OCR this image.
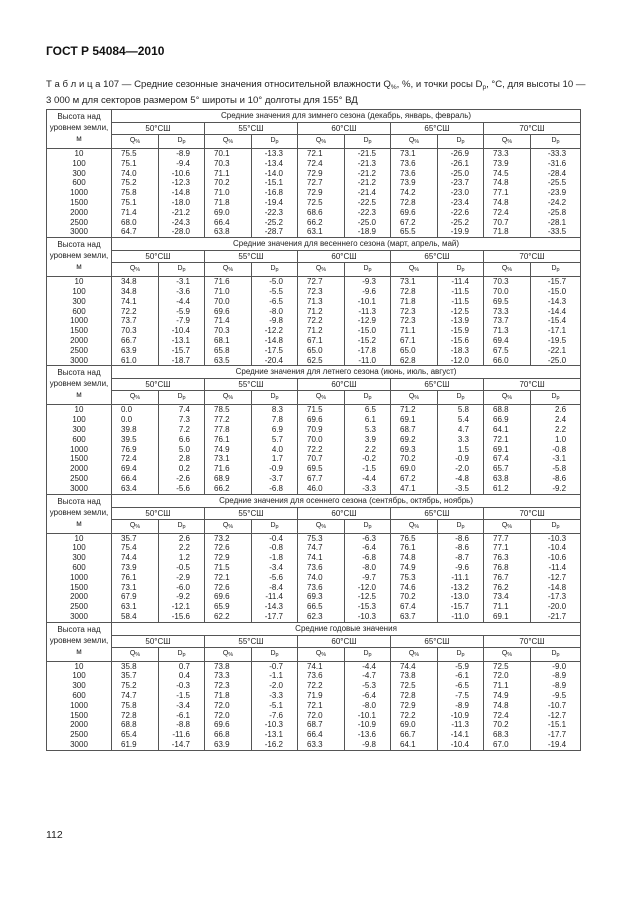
ГОСТ Р 54084—2010
Т а б л и ц а 107 — Средние сезонные значения относительной влажности $Q_{\%}$, %, и точки росы $D_р$, °С, для высоты 10 — 3 000 м для секторов размером 5° широты и 10° долготы для 155° ВД
Высота над уровнем земли, м	Средние значения для зимнего сезона (декабрь, январь, февраль)									
	50°СШ		55°СШ		60°СШ		65°СШ		70°СШ	
	$Q_{\%}$	$D_р$	$Q_{\%}$	$D_р$	$Q_{\%}$	$D_р$	$Q_{\%}$	$D_р$	$Q_{\%}$	$D_р$
10	75.5	-8.9	70.1	-13.3	72.1	-21.5	73.1	-26.9	73.3	-33.3
100	75.1	-9.4	70.3	-13.4	72.4	-21.3	73.6	-26.1	73.9	-31.6
300	74.0	-10.6	71.1	-14.0	72.9	-21.2	73.6	-25.0	74.5	-28.4
600	75.2	-12.3	70.2	-15.1	72.7	-21.2	73.9	-23.7	74.8	-25.5
1000	75.8	-14.8	71.0	-16.8	72.9	-21.4	74.2	-23.0	77.1	-23.9
1500	75.1	-18.0	71.8	-19.4	72.5	-22.5	72.8	-23.4	74.8	-24.2
2000	71.4	-21.2	69.0	-22.3	68.6	-22.3	69.6	-22.6	72.4	-25.8
2500	68.0	-24.3	66.4	-25.2	66.2	-25.0	67.2	-25.2	70.7	-28.1
3000	64.7	-28.0	63.8	-28.7	63.1	-18.9	65.5	-19.9	71.8	-33.5
Высота над уровнем земли, м	Средние значения для весеннего сезона (март, апрель, май)									
	50°СШ		55°СШ		60°СШ		65°СШ		70°СШ	
	$Q_{\%}$	$D_р$	$Q_{\%}$	$D_р$	$Q_{\%}$	$D_р$	$Q_{\%}$	$D_р$	$Q_{\%}$	$D_р$
10	34.8	-3.1	71.6	-5.0	72.7	-9.3	73.1	-11.4	70.3	-15.7
100	34.8	-3.6	71.0	-5.5	72.3	-9.6	72.8	-11.5	70.0	-15.0
300	74.1	-4.4	70.0	-6.5	71.3	-10.1	71.8	-11.5	69.5	-14.3
600	72.2	-5.9	69.6	-8.0	71.2	-11.3	72.3	-12.5	73.3	-14.4
1000	73.7	-7.9	71.4	-9.8	72.2	-12.9	72.3	-13.9	73.7	-15.4
1500	70.3	-10.4	70.3	-12.2	71.2	-15.0	71.1	-15.9	71.3	-17.1
2000	66.7	-13.1	68.1	-14.8	67.1	-15.2	67.1	-15.6	69.4	-19.5
2500	63.9	-15.7	65.8	-17.5	65.0	-17.8	65.0	-18.3	67.5	-22.1
3000	61.0	-18.7	63.5	-20.4	62.5	-11.0	62.8	-12.0	66.0	-25.0
Высота над уровнем земли, м	Средние значения для летнего сезона (июнь, июль, август)									
	50°СШ		55°СШ		60°СШ		65°СШ		70°СШ	
	$Q_{\%}$	$D_р$	$Q_{\%}$	$D_р$	$Q_{\%}$	$D_р$	$Q_{\%}$	$D_р$	$Q_{\%}$	$D_р$
10	0.0	7.4	78.5	8.3	71.5	6.5	71.2	5.8	68.8	2.6
100	0.0	7.3	77.2	7.8	69.6	6.1	69.1	5.4	66.9	2.4
300	39.8	7.2	77.8	6.9	70.9	5.3	68.7	4.7	64.1	2.2
600	39.5	6.6	76.1	5.7	70.0	3.9	69.2	3.3	72.1	1.0
1000	76.9	5.0	74.9	4.0	72.2	2.2	69.3	1.5	69.1	-0.8
1500	72.4	2.8	73.1	1.7	70.7	-0.2	70.2	-0.9	67.4	-3.1
2000	69.4	0.2	71.6	-0.9	69.5	-1.5	69.0	-2.0	65.7	-5.8
2500	66.4	-2.6	68.9	-3.7	67.7	-4.4	67.2	-4.8	63.8	-8.6
3000	63.4	-5.6	66.2	-6.8	46.0	-3.3	47.1	-3.5	61.2	-9.2
Высота над уровнем земли, м	Средние значения для осеннего сезона (сентябрь, октябрь, ноябрь)									
	50°СШ		55°СШ		60°СШ		65°СШ		70°СШ	
	$Q_{\%}$	$D_р$	$Q_{\%}$	$D_р$	$Q_{\%}$	$D_р$	$Q_{\%}$	$D_р$	$Q_{\%}$	$D_р$
10	35.7	2.6	73.2	-0.4	75.3	-6.3	76.5	-8.6	77.7	-10.3
100	75.4	2.2	72.6	-0.8	74.7	-6.4	76.1	-8.6	77.1	-10.4
300	74.4	1.2	72.9	-1.8	74.1	-6.8	74.8	-8.7	76.3	-10.6
600	73.9	-0.5	71.5	-3.4	73.6	-8.0	74.9	-9.6	76.8	-11.4
1000	76.1	-2.9	72.1	-5.6	74.0	-9.7	75.3	-11.1	76.7	-12.7
1500	73.1	-6.0	72.6	-8.4	73.6	-12.0	74.6	-13.2	76.2	-14.8
2000	67.9	-9.2	69.6	-11.4	69.3	-12.5	70.2	-13.0	73.4	-17.3
2500	63.1	-12.1	65.9	-14.3	66.5	-15.3	67.4	-15.7	71.1	-20.0
3000	58.4	-15.6	62.2	-17.7	62.3	-10.3	63.7	-11.0	69.1	-21.7
Высота над уровнем земли, м	Средние годовые значения									
	50°СШ		55°СШ		60°СШ		65°СШ		70°СШ	
	$Q_{\%}$	$D_р$	$Q_{\%}$	$D_р$	$Q_{\%}$	$D_р$	$Q_{\%}$	$D_р$	$Q_{\%}$	$D_р$
10	35.8	0.7	73.8	-0.7	74.1	-4.4	74.4	-5.9	72.5	-9.0
100	35.7	0.4	73.3	-1.1	73.6	-4.7	73.8	-6.1	72.0	-8.9
300	75.2	-0.3	72.3	-2.0	72.2	-5.3	72.5	-6.5	71.1	-8.9
600	74.7	-1.5	71.8	-3.3	71.9	-6.4	72.8	-7.5	74.9	-9.5
1000	75.8	-3.4	72.0	-5.1	72.1	-8.0	72.9	-8.9	74.8	-10.7
1500	72.8	-6.1	72.0	-7.6	72.0	-10.1	72.2	-10.9	72.4	-12.7
2000	68.8	-8.8	69.6	-10.3	68.7	-10.9	69.0	-11.3	70.2	-15.1
2500	65.4	-11.6	66.8	-13.1	66.4	-13.6	66.7	-14.1	68.3	-17.7
3000	61.9	-14.7	63.9	-16.2	63.3	-9.8	64.1	-10.4	67.0	-19.4
112
